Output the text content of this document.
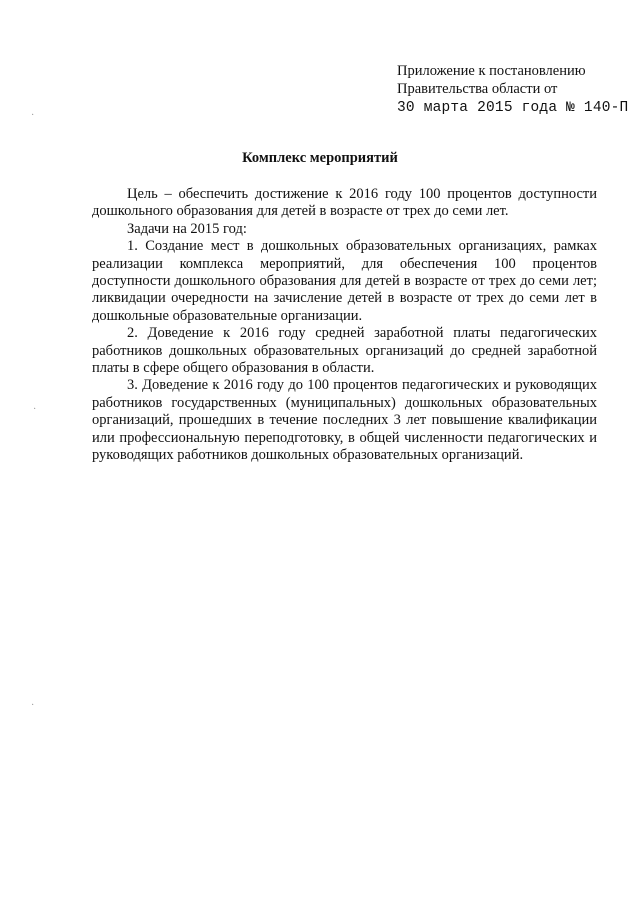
Приложение к постановлению
Правительства области от
30 марта 2015 года № 140-П
Комплекс мероприятий

Цель – обеспечить достижение к 2016 году 100 процентов доступности дошкольного образования для детей в возрасте от трех до семи лет.

Задачи на 2015 год:

1. Создание мест в дошкольных образовательных организациях, рамках реализации комплекса мероприятий, для обеспечения 100 процентов доступности дошкольного образования для детей в возрасте от трех до семи лет; ликвидации очередности на зачисление детей в возрасте от трех до семи лет в дошкольные образовательные организации.

2. Доведение к 2016 году средней заработной платы педагогических работников дошкольных образовательных организаций до средней заработной платы в сфере общего образования в области.

3. Доведение к 2016 году до 100 процентов педагогических и руководящих работников государственных (муниципальных) дошкольных образовательных организаций, прошедших в течение последних 3 лет повышение квалификации или профессиональную переподготовку, в общей численности педагогических и руководящих работников дошкольных образовательных организаций.

·
·
·
